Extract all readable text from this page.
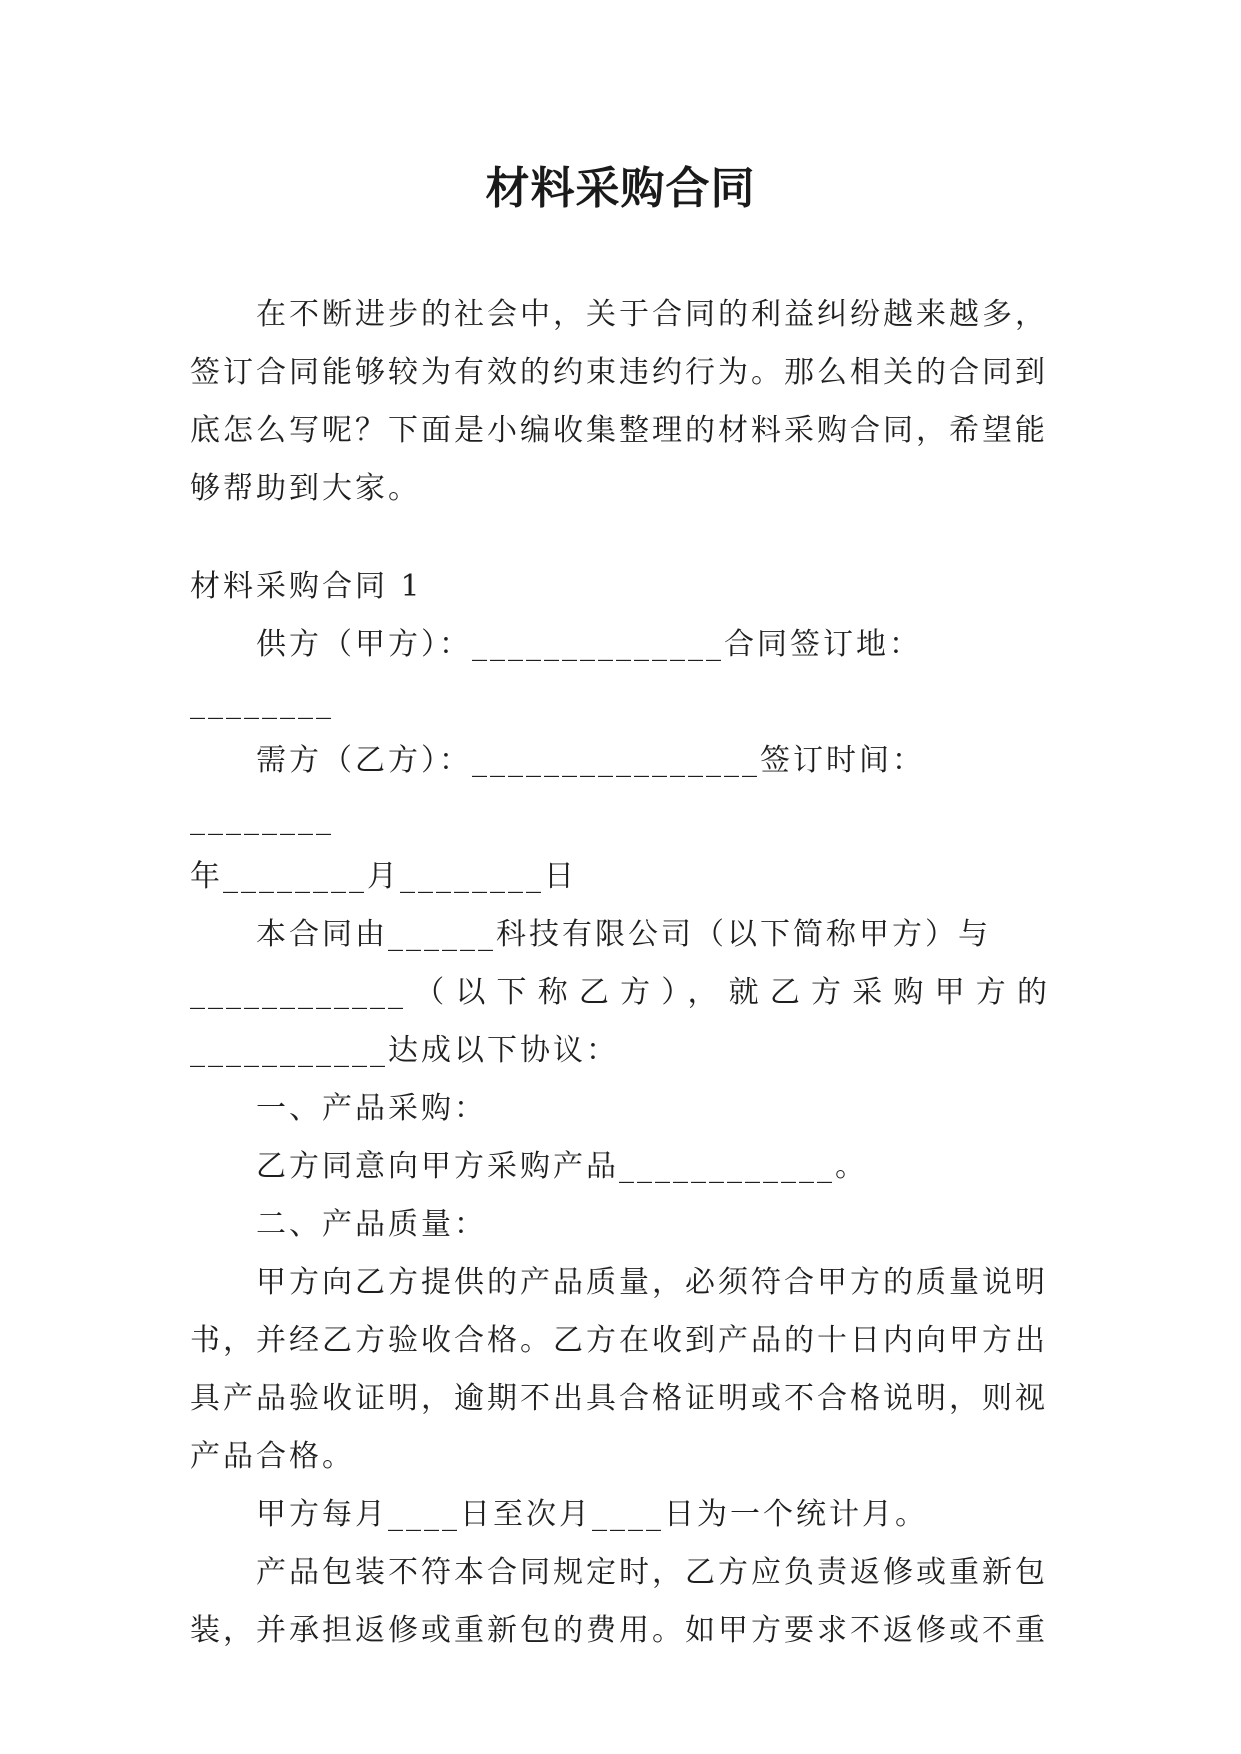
材料采购合同

在不断进步的社会中，关于合同的利益纠纷越来越多，

签订合同能够较为有效的约束违约行为。那么相关的合同到

底怎么写呢？下面是小编收集整理的材料采购合同，希望能

够帮助到大家。

材料采购合同 1

供方（甲方）：______________合同签订地：________

需方（乙方）：________________签订时间：________

年________月________日

本合同由______科技有限公司（以下简称甲方）与

____________（以下称乙方），就乙方采购甲方的

___________达成以下协议：

一、产品采购：

乙方同意向甲方采购产品____________。

二、产品质量：

甲方向乙方提供的产品质量，必须符合甲方的质量说明

书，并经乙方验收合格。乙方在收到产品的十日内向甲方出

具产品验收证明，逾期不出具合格证明或不合格说明，则视

产品合格。

甲方每月____日至次月____日为一个统计月。

产品包装不符本合同规定时，乙方应负责返修或重新包

装，并承担返修或重新包的费用。如甲方要求不返修或不重
